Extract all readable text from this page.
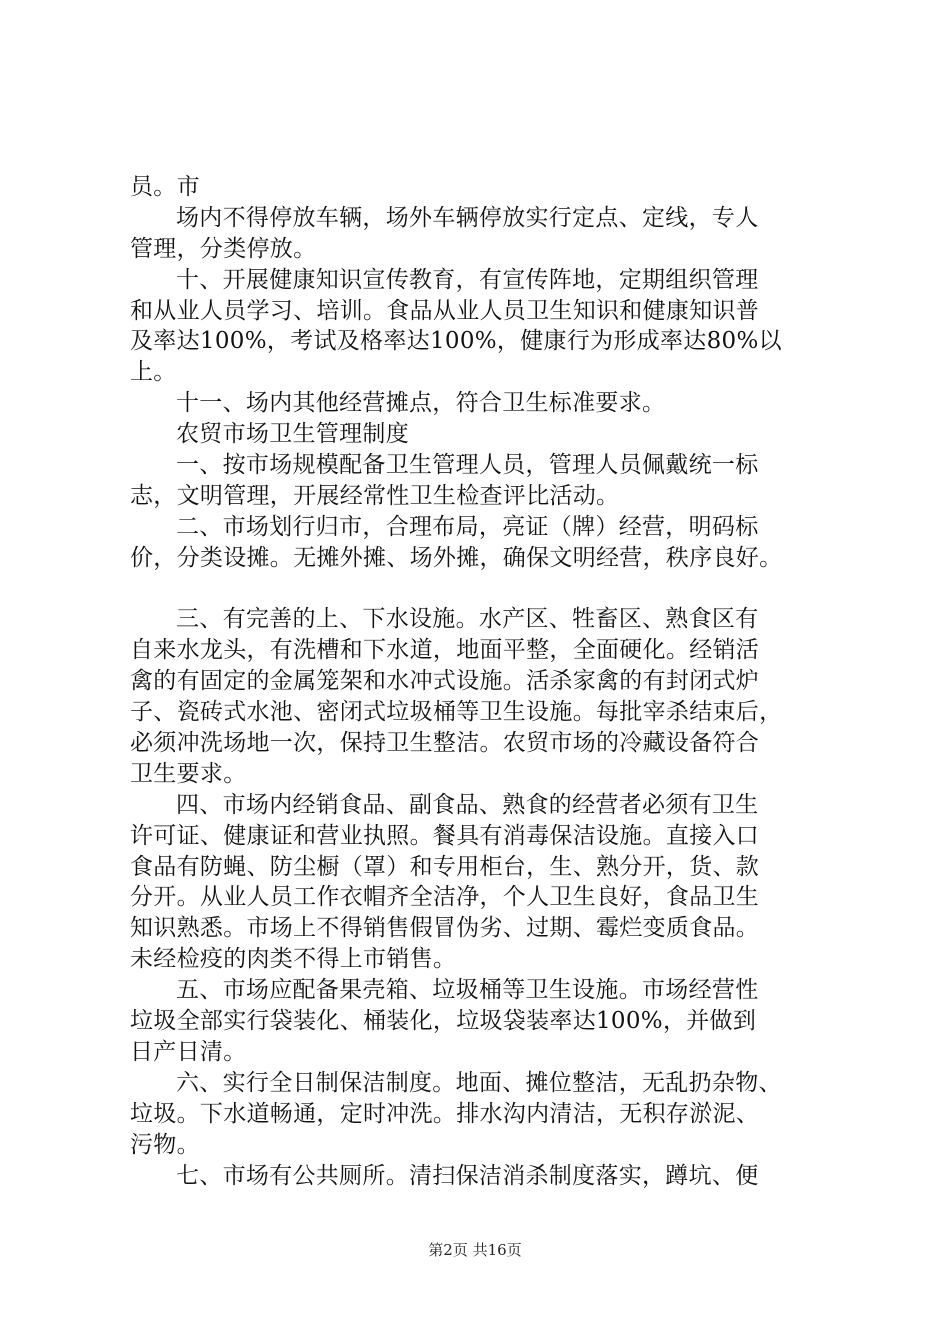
员。市
场内不得停放车辆，场外车辆停放实行定点、定线，专人
管理，分类停放。
十、开展健康知识宣传教育，有宣传阵地，定期组织管理
和从业人员学习、培训。食品从业人员卫生知识和健康知识普
及率达100%，考试及格率达100%，健康行为形成率达80%以
上。
十一、场内其他经营摊点，符合卫生标准要求。
农贸市场卫生管理制度
一、按市场规模配备卫生管理人员，管理人员佩戴统一标
志，文明管理，开展经常性卫生检查评比活动。
二、市场划行归市，合理布局，亮证（牌）经营，明码标
价，分类设摊。无摊外摊、场外摊，确保文明经营，秩序良好。
三、有完善的上、下水设施。水产区、牲畜区、熟食区有
自来水龙头，有洗槽和下水道，地面平整，全面硬化。经销活
禽的有固定的金属笼架和水冲式设施。活杀家禽的有封闭式炉
子、瓷砖式水池、密闭式垃圾桶等卫生设施。每批宰杀结束后，
必须冲洗场地一次，保持卫生整洁。农贸市场的冷藏设备符合
卫生要求。
四、市场内经销食品、副食品、熟食的经营者必须有卫生
许可证、健康证和营业执照。餐具有消毒保洁设施。直接入口
食品有防蝇、防尘橱（罩）和专用柜台，生、熟分开，货、款
分开。从业人员工作衣帽齐全洁净，个人卫生良好，食品卫生
知识熟悉。市场上不得销售假冒伪劣、过期、霉烂变质食品。
未经检疫的肉类不得上市销售。
五、市场应配备果壳箱、垃圾桶等卫生设施。市场经营性
垃圾全部实行袋装化、桶装化，垃圾袋装率达100%，并做到
日产日清。
六、实行全日制保洁制度。地面、摊位整洁，无乱扔杂物、
垃圾。下水道畅通，定时冲洗。排水沟内清洁，无积存淤泥、
污物。
七、市场有公共厕所。清扫保洁消杀制度落实，蹲坑、便
第2页 共16页
